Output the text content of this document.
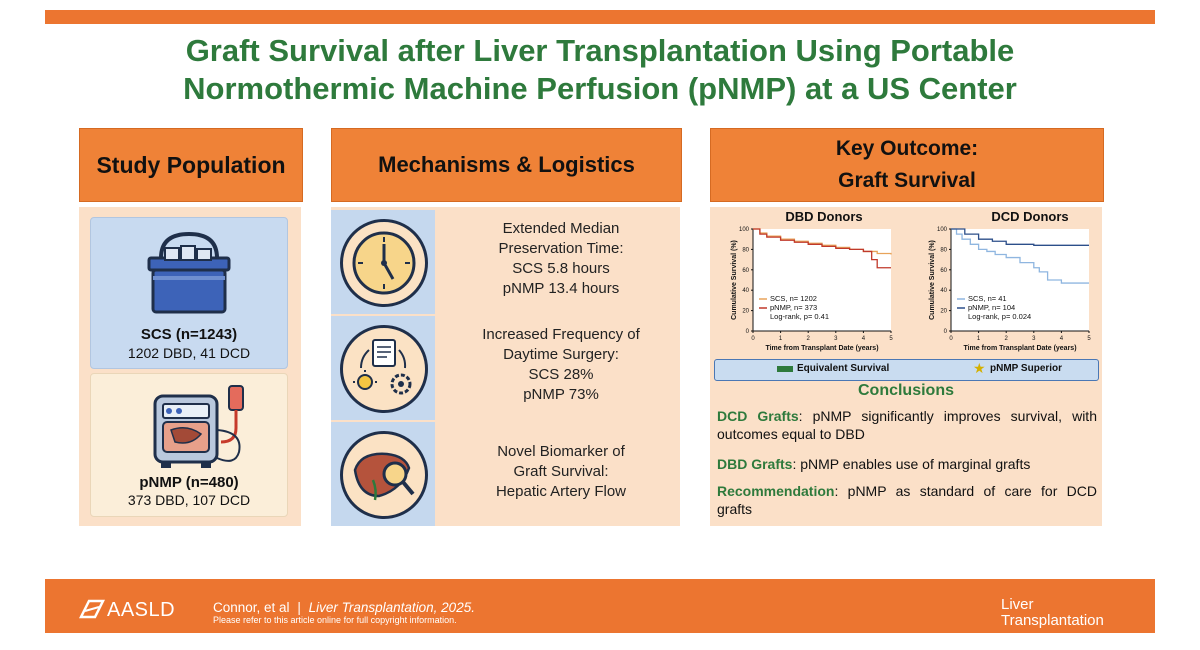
Graft Survival after Liver Transplantation Using Portable
Normothermic Machine Perfusion (pNMP) at a US Center
Study Population
SCS (n=1243)
1202 DBD, 41 DCD
pNMP (n=480)
373 DBD, 107 DCD
Mechanisms & Logistics
Extended Median
Preservation Time:
SCS 5.8 hours
pNMP 13.4 hours
Increased Frequency of
Daytime Surgery:
SCS 28%
pNMP 73%
Novel Biomarker of
Graft Survival:
Hepatic Artery Flow
Key Outcome:
Graft Survival
DBD Donors	DCD Donors
0
20
40
60
80
100
0	1	2	3	4	5
Cumulative Survival (%)
Time from Transplant Date (years)
SCS, n= 1202
pNMP, n= 373
Log-rank, p= 0.41
0
20
40
60
80
100
0	1	2	3	4	5
Cumulative Survival (%)
Time from Transplant Date (years)
SCS, n= 41
pNMP, n= 104
Log-rank, p= 0.024
Equivalent Survival	★ pNMP Superior
Conclusions
DCD Grafts: pNMP significantly improves survival, with outcomes equal to DBD
DBD Grafts: pNMP enables use of marginal grafts
Recommendation: pNMP as standard of care for DCD grafts
AASLD	Connor, et al | Liver Transplantation, 2025.
Please refer to this article online for full copyright information.
Liver
Transplantation
